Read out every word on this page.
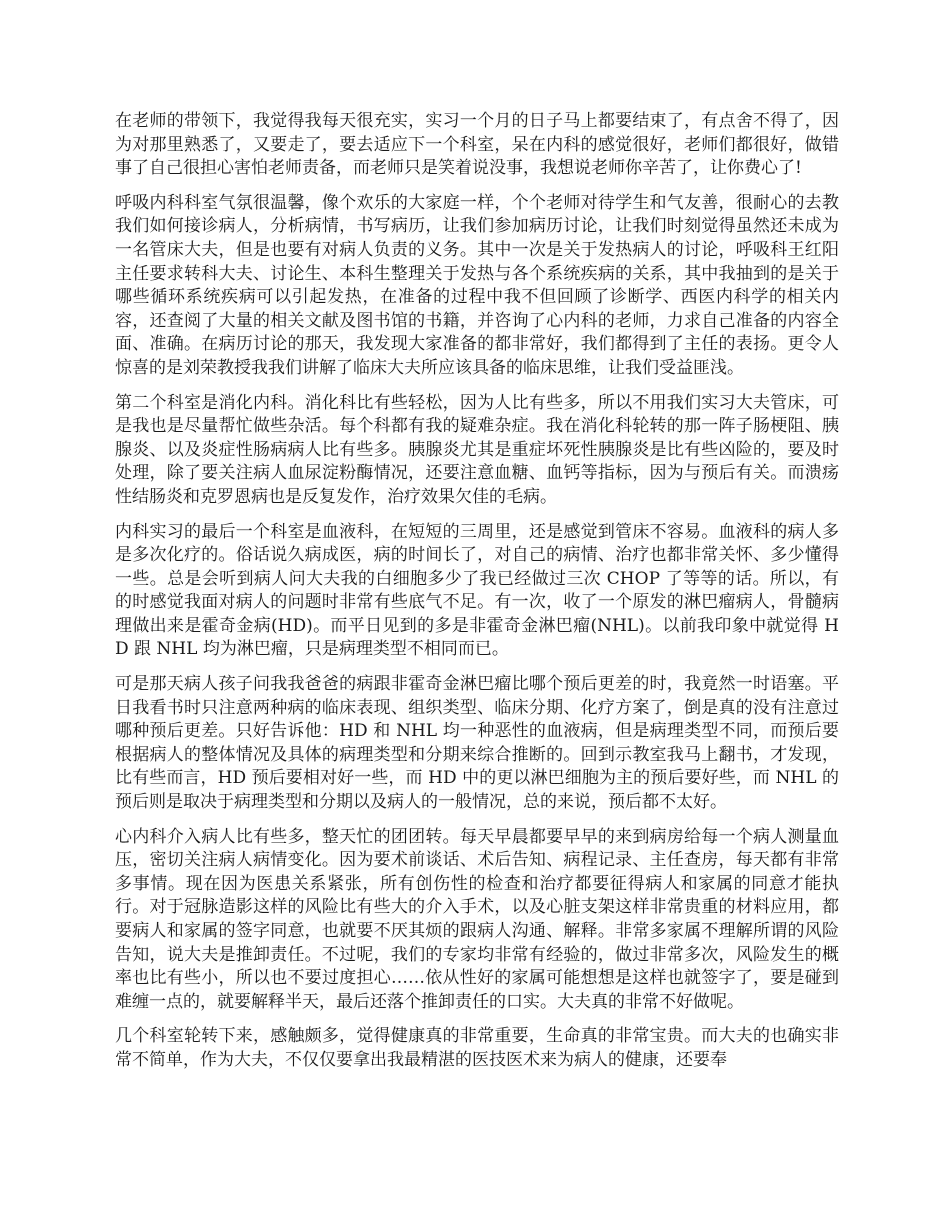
在老师的带领下，我觉得我每天很充实，实习一个月的日子马上都要结束了，有点舍不得了，因为对那里熟悉了，又要走了，要去适应下一个科室，呆在内科的感觉很好，老师们都很好，做错事了自己很担心害怕老师责备，而老师只是笑着说没事，我想说老师你辛苦了，让你费心了!

呼吸内科科室气氛很温馨，像个欢乐的大家庭一样，个个老师对待学生和气友善，很耐心的去教我们如何接诊病人，分析病情，书写病历，让我们参加病历讨论，让我们时刻觉得虽然还未成为一名管床大夫，但是也要有对病人负责的义务。其中一次是关于发热病人的讨论，呼吸科王红阳主任要求转科大夫、讨论生、本科生整理关于发热与各个系统疾病的关系，其中我抽到的是关于哪些循环系统疾病可以引起发热，在准备的过程中我不但回顾了诊断学、西医内科学的相关内容，还查阅了大量的相关文献及图书馆的书籍，并咨询了心内科的老师，力求自己准备的内容全面、准确。在病历讨论的那天，我发现大家准备的都非常好，我们都得到了主任的表扬。更令人惊喜的是刘荣教授我我们讲解了临床大夫所应该具备的临床思维，让我们受益匪浅。

第二个科室是消化内科。消化科比有些轻松，因为人比有些多，所以不用我们实习大夫管床，可是我也是尽量帮忙做些杂活。每个科都有我的疑难杂症。我在消化科轮转的那一阵子肠梗阻、胰腺炎、以及炎症性肠病病人比有些多。胰腺炎尤其是重症坏死性胰腺炎是比有些凶险的，要及时处理，除了要关注病人血尿淀粉酶情况，还要注意血糖、血钙等指标，因为与预后有关。而溃疡性结肠炎和克罗恩病也是反复发作，治疗效果欠佳的毛病。

内科实习的最后一个科室是血液科，在短短的三周里，还是感觉到管床不容易。血液科的病人多是多次化疗的。俗话说久病成医，病的时间长了，对自己的病情、治疗也都非常关怀、多少懂得一些。总是会听到病人问大夫我的白细胞多少了我已经做过三次 CHOP 了等等的话。所以，有的时感觉我面对病人的问题时非常有些底气不足。有一次，收了一个原发的淋巴瘤病人，骨髓病理做出来是霍奇金病(HD)。而平日见到的多是非霍奇金淋巴瘤(NHL)。以前我印象中就觉得 HD 跟 NHL 均为淋巴瘤，只是病理类型不相同而已。

可是那天病人孩子问我我爸爸的病跟非霍奇金淋巴瘤比哪个预后更差的时，我竟然一时语塞。平日我看书时只注意两种病的临床表现、组织类型、临床分期、化疗方案了，倒是真的没有注意过哪种预后更差。只好告诉他：HD 和 NHL 均一种恶性的血液病，但是病理类型不同，而预后要根据病人的整体情况及具体的病理类型和分期来综合推断的。回到示教室我马上翻书，才发现，比有些而言，HD 预后要相对好一些，而 HD 中的更以淋巴细胞为主的预后要好些，而 NHL 的预后则是取决于病理类型和分期以及病人的一般情况，总的来说，预后都不太好。

心内科介入病人比有些多，整天忙的团团转。每天早晨都要早早的来到病房给每一个病人测量血压，密切关注病人病情变化。因为要术前谈话、术后告知、病程记录、主任查房，每天都有非常多事情。现在因为医患关系紧张，所有创伤性的检查和治疗都要征得病人和家属的同意才能执行。对于冠脉造影这样的风险比有些大的介入手术，以及心脏支架这样非常贵重的材料应用，都要病人和家属的签字同意，也就要不厌其烦的跟病人沟通、解释。非常多家属不理解所谓的风险告知，说大夫是推卸责任。不过呢，我们的专家均非常有经验的，做过非常多次，风险发生的概率也比有些小，所以也不要过度担心……依从性好的家属可能想想是这样也就签字了，要是碰到难缠一点的，就要解释半天，最后还落个推卸责任的口实。大夫真的非常不好做呢。

几个科室轮转下来，感触颇多，觉得健康真的非常重要，生命真的非常宝贵。而大夫的也确实非常不简单，作为大夫，不仅仅要拿出我最精湛的医技医术来为病人的健康，还要奉
